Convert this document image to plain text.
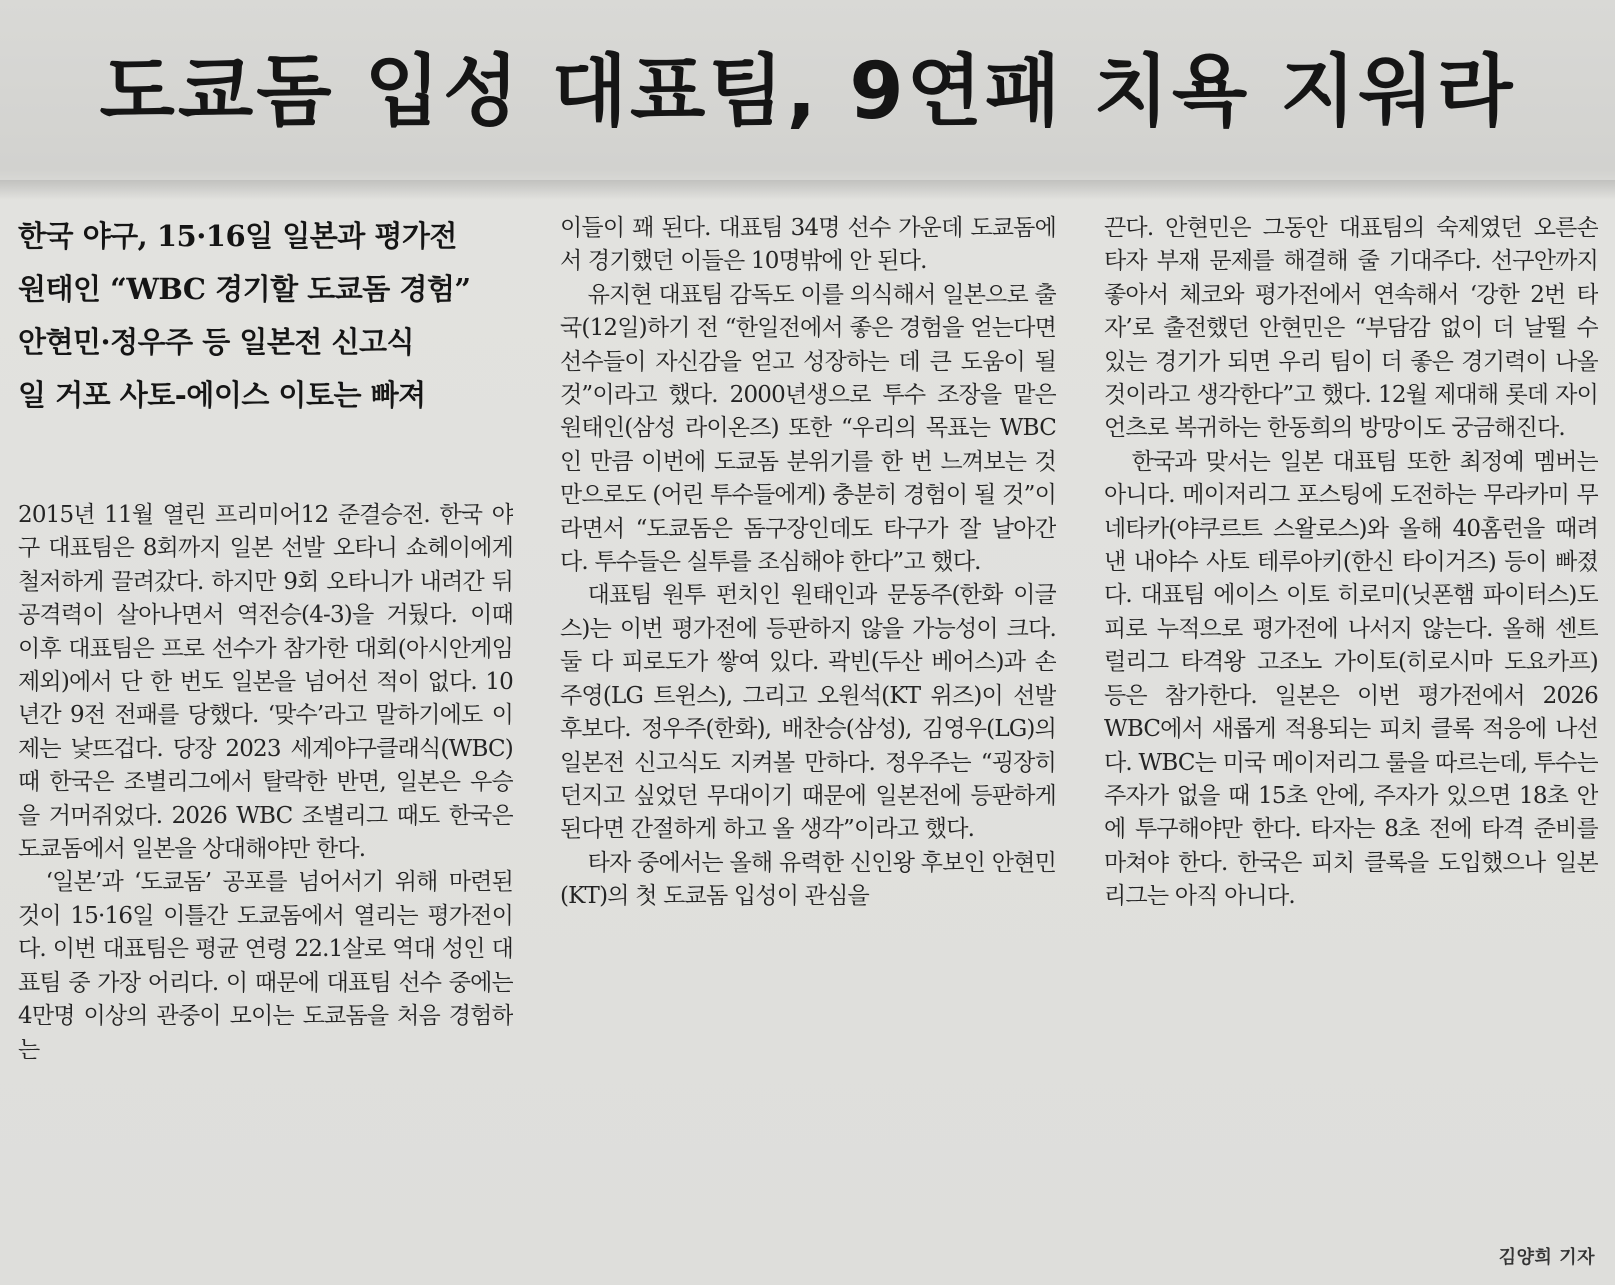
도쿄돔 입성 대표팀, 9연패 치욕 지워라
한국 야구, 15·16일 일본과 평가전
원태인 “WBC 경기할 도쿄돔 경험”
안현민·정우주 등 일본전 신고식
일 거포 사토-에이스 이토는 빠져

2015년 11월 열린 프리미어12 준결승전. 한국 야구 대표팀은 8회까지 일본 선발 오타니 쇼헤이에게 철저하게 끌려갔다. 하지만 9회 오타니가 내려간 뒤 공격력이 살아나면서 역전승(4-3)을 거뒀다. 이때 이후 대표팀은 프로 선수가 참가한 대회(아시안게임 제외)에서 단 한 번도 일본을 넘어선 적이 없다. 10년간 9전 전패를 당했다. ‘맞수’라고 말하기에도 이제는 낯뜨겁다. 당장 2023 세계야구클래식(WBC) 때 한국은 조별리그에서 탈락한 반면, 일본은 우승을 거머쥐었다. 2026 WBC 조별리그 때도 한국은 도쿄돔에서 일본을 상대해야만 한다.

‘일본’과 ‘도쿄돔’ 공포를 넘어서기 위해 마련된 것이 15·16일 이틀간 도쿄돔에서 열리는 평가전이다. 이번 대표팀은 평균 연령 22.1살로 역대 성인 대표팀 중 가장 어리다. 이 때문에 대표팀 선수 중에는 4만명 이상의 관중이 모이는 도쿄돔을 처음 경험하는

이들이 꽤 된다. 대표팀 34명 선수 가운데 도쿄돔에서 경기했던 이들은 10명밖에 안 된다.

유지현 대표팀 감독도 이를 의식해서 일본으로 출국(12일)하기 전 “한일전에서 좋은 경험을 얻는다면 선수들이 자신감을 얻고 성장하는 데 큰 도움이 될 것”이라고 했다. 2000년생으로 투수 조장을 맡은 원태인(삼성 라이온즈) 또한 “우리의 목표는 WBC인 만큼 이번에 도쿄돔 분위기를 한 번 느껴보는 것만으로도 (어린 투수들에게) 충분히 경험이 될 것”이라면서 “도쿄돔은 돔구장인데도 타구가 잘 날아간다. 투수들은 실투를 조심해야 한다”고 했다.

대표팀 원투 펀치인 원태인과 문동주(한화 이글스)는 이번 평가전에 등판하지 않을 가능성이 크다. 둘 다 피로도가 쌓여 있다. 곽빈(두산 베어스)과 손주영(LG 트윈스), 그리고 오원석(KT 위즈)이 선발 후보다. 정우주(한화), 배찬승(삼성), 김영우(LG)의 일본전 신고식도 지켜볼 만하다. 정우주는 “굉장히 던지고 싶었던 무대이기 때문에 일본전에 등판하게 된다면 간절하게 하고 올 생각”이라고 했다.

타자 중에서는 올해 유력한 신인왕 후보인 안현민(KT)의 첫 도쿄돔 입성이 관심을

끈다. 안현민은 그동안 대표팀의 숙제였던 오른손 타자 부재 문제를 해결해 줄 기대주다. 선구안까지 좋아서 체코와 평가전에서 연속해서 ‘강한 2번 타자’로 출전했던 안현민은 “부담감 없이 더 날뛸 수 있는 경기가 되면 우리 팀이 더 좋은 경기력이 나올 것이라고 생각한다”고 했다. 12월 제대해 롯데 자이언츠로 복귀하는 한동희의 방망이도 궁금해진다.

한국과 맞서는 일본 대표팀 또한 최정예 멤버는 아니다. 메이저리그 포스팅에 도전하는 무라카미 무네타카(야쿠르트 스왈로스)와 올해 40홈런을 때려낸 내야수 사토 테루아키(한신 타이거즈) 등이 빠졌다. 대표팀 에이스 이토 히로미(닛폰햄 파이터스)도 피로 누적으로 평가전에 나서지 않는다. 올해 센트럴리그 타격왕 고조노 가이토(히로시마 도요카프) 등은 참가한다. 일본은 이번 평가전에서 2026 WBC에서 새롭게 적용되는 피치 클록 적응에 나선다. WBC는 미국 메이저리그 룰을 따르는데, 투수는 주자가 없을 때 15초 안에, 주자가 있으면 18초 안에 투구해야만 한다. 타자는 8초 전에 타격 준비를 마쳐야 한다. 한국은 피치 클록을 도입했으나 일본리그는 아직 아니다.

김양희 기자
